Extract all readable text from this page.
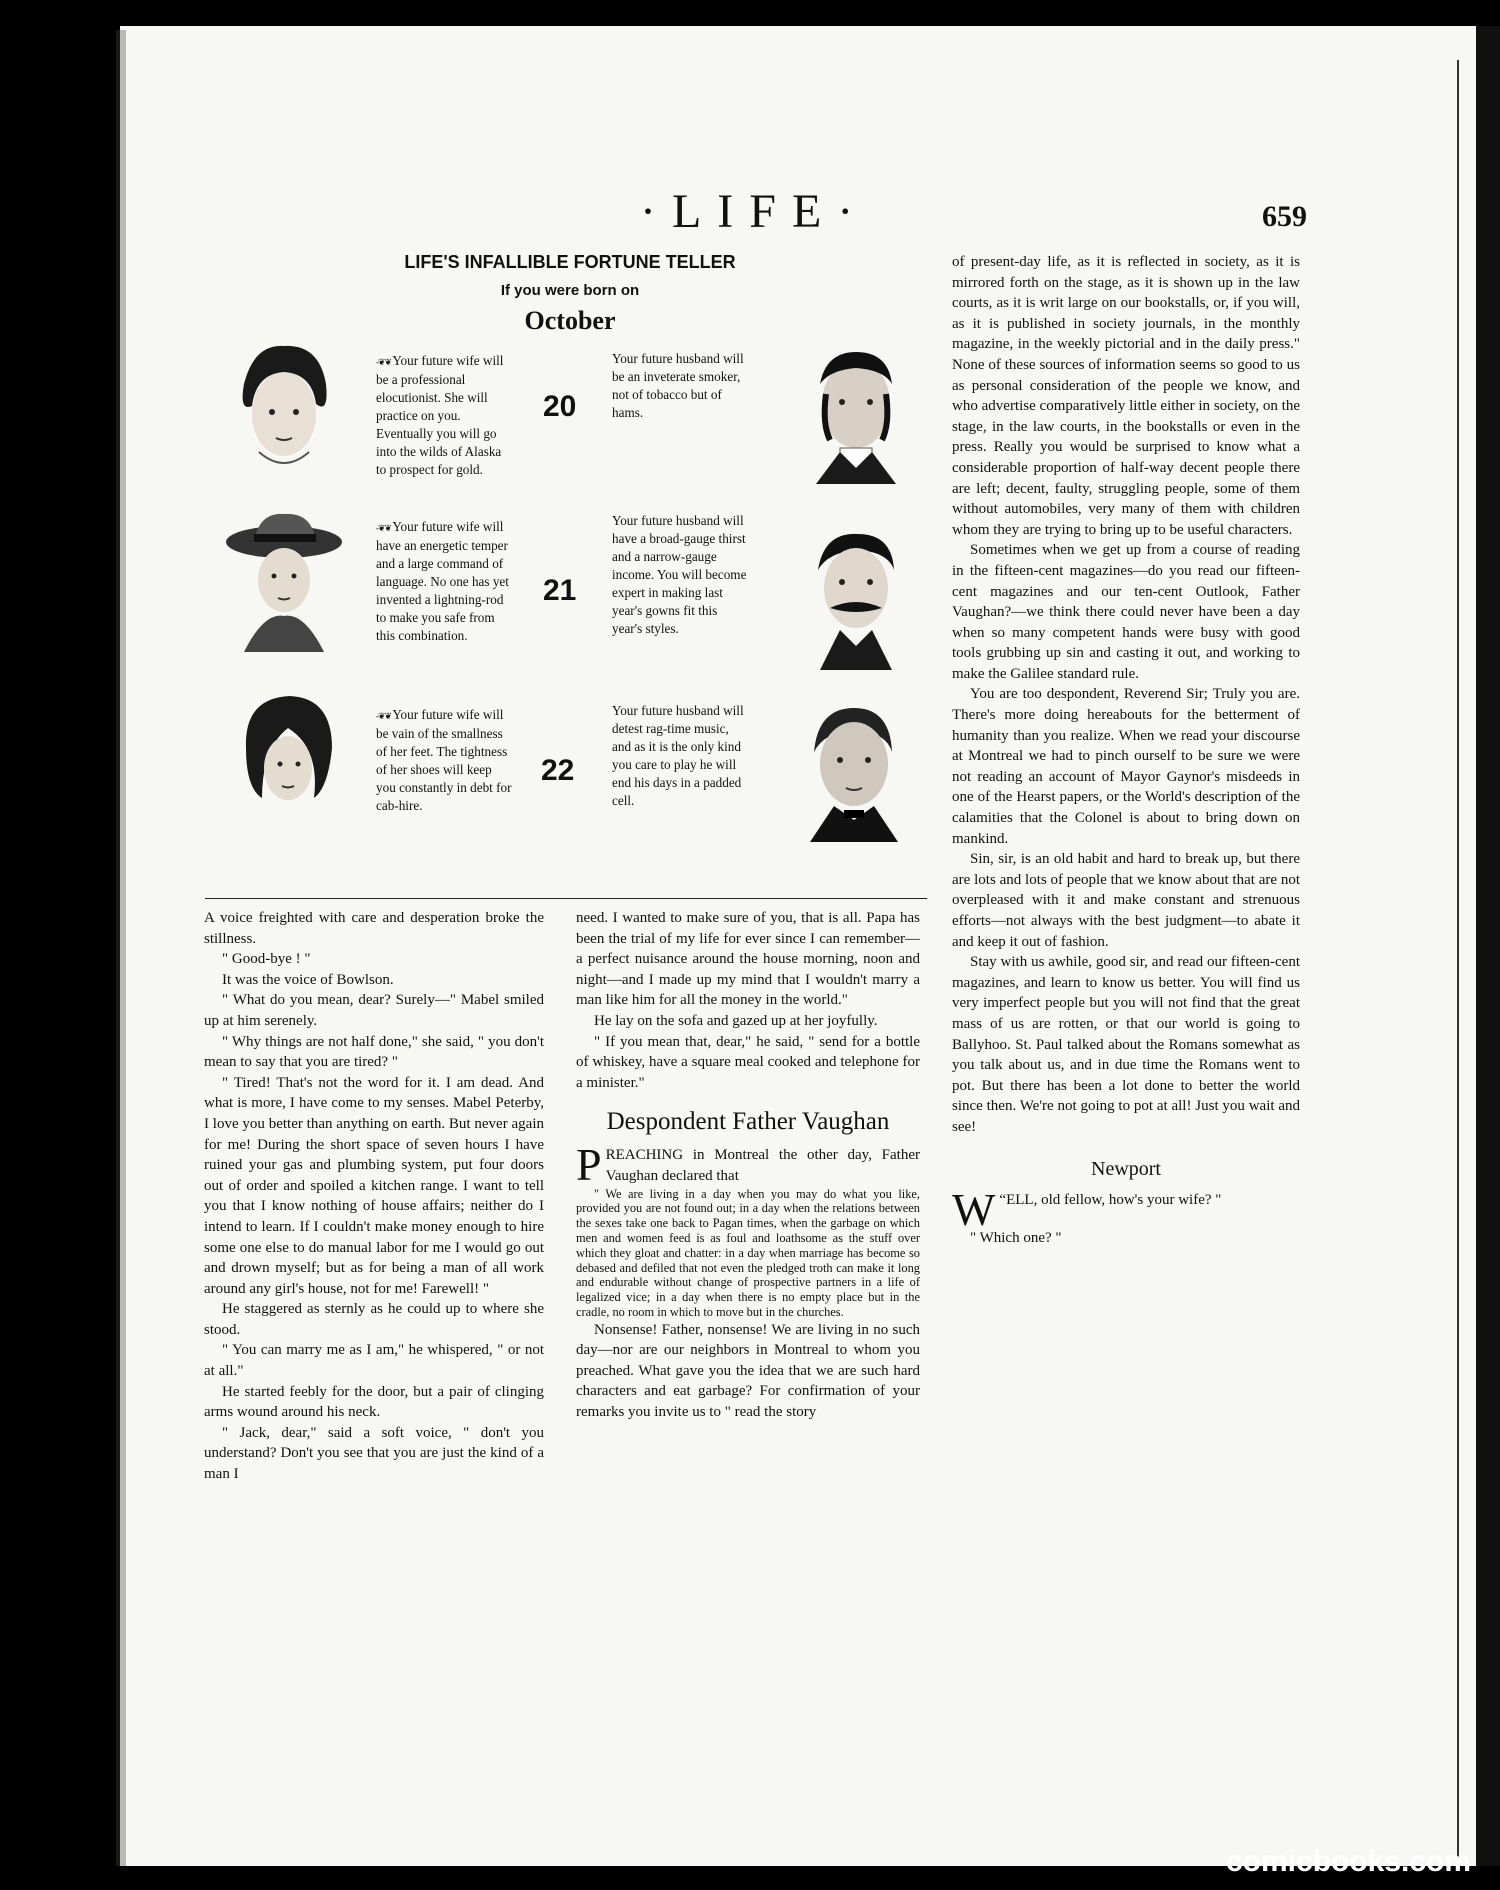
·LIFE·	659
LIFE'S INFALLIBLE FORTUNE TELLER
If you were born on
October
-❦❦ Your future wife will be a professional elocutionist. She will practice on you. Eventually you will go into the wilds of Alaska to prospect for gold.
20
Your future husband will be an inveterate smoker, not of tobacco but of hams.
-❦❦ Your future wife will have an energetic temper and a large command of language. No one has yet invented a lightning-rod to make you safe from this combination.
21
Your future husband will have a broad-gauge thirst and a narrow-gauge income. You will become expert in making last year's gowns fit this year's styles.
-❦❦ Your future wife will be vain of the smallness of her feet. The tightness of her shoes will keep you constantly in debt for cab-hire.
22
Your future husband will detest rag-time music, and as it is the only kind you care to play he will end his days in a padded cell.

A voice freighted with care and desperation broke the stillness.

" Good-bye ! "

It was the voice of Bowlson.

" What do you mean, dear? Surely—" Mabel smiled up at him serenely.

" Why things are not half done," she said, " you don't mean to say that you are tired? "

" Tired! That's not the word for it. I am dead. And what is more, I have come to my senses. Mabel Peterby, I love you better than anything on earth. But never again for me! During the short space of seven hours I have ruined your gas and plumbing system, put four doors out of order and spoiled a kitchen range. I want to tell you that I know nothing of house affairs; neither do I intend to learn. If I couldn't make money enough to hire some one else to do manual labor for me I would go out and drown myself; but as for being a man of all work around any girl's house, not for me! Farewell! "

He staggered as sternly as he could up to where she stood.

" You can marry me as I am," he whispered, " or not at all."

He started feebly for the door, but a pair of clinging arms wound around his neck.

" Jack, dear," said a soft voice, " don't you understand? Don't you see that you are just the kind of a man I

need. I wanted to make sure of you, that is all. Papa has been the trial of my life for ever since I can remember—a perfect nuisance around the house morning, noon and night—and I made up my mind that I wouldn't marry a man like him for all the money in the world."

He lay on the sofa and gazed up at her joyfully.

" If you mean that, dear," he said, " send for a bottle of whiskey, have a square meal cooked and telephone for a minister."

Despondent Father Vaughan

PREACHING in Montreal the other day, Father Vaughan declared that

" We are living in a day when you may do what you like, provided you are not found out; in a day when the relations between the sexes take one back to Pagan times, when the garbage on which men and women feed is as foul and loathsome as the stuff over which they gloat and chatter: in a day when marriage has become so debased and defiled that not even the pledged troth can make it long and endurable without change of prospective partners in a life of legalized vice; in a day when there is no empty place but in the cradle, no room in which to move but in the churches.

Nonsense! Father, nonsense! We are living in no such day—nor are our neighbors in Montreal to whom you preached. What gave you the idea that we are such hard characters and eat garbage? For confirmation of your remarks you invite us to " read the story

of present-day life, as it is reflected in society, as it is mirrored forth on the stage, as it is shown up in the law courts, as it is writ large on our bookstalls, or, if you will, as it is published in society journals, in the monthly magazine, in the weekly pictorial and in the daily press." None of these sources of information seems so good to us as personal consideration of the people we know, and who advertise comparatively little either in society, on the stage, in the law courts, in the bookstalls or even in the press. Really you would be surprised to know what a considerable proportion of half-way decent people there are left; decent, faulty, struggling people, some of them without automobiles, very many of them with children whom they are trying to bring up to be useful characters.

Sometimes when we get up from a course of reading in the fifteen-cent magazines—do you read our fifteen-cent magazines and our ten-cent Outlook, Father Vaughan?—we think there could never have been a day when so many competent hands were busy with good tools grubbing up sin and casting it out, and working to make the Galilee standard rule.

You are too despondent, Reverend Sir; Truly you are. There's more doing hereabouts for the betterment of humanity than you realize. When we read your discourse at Montreal we had to pinch ourself to be sure we were not reading an account of Mayor Gaynor's misdeeds in one of the Hearst papers, or the World's description of the calamities that the Colonel is about to bring down on mankind.

Sin, sir, is an old habit and hard to break up, but there are lots and lots of people that we know about that are not overpleased with it and make constant and strenuous efforts—not always with the best judgment—to abate it and keep it out of fashion.

Stay with us awhile, good sir, and read our fifteen-cent magazines, and learn to know us better. You will find us very imperfect people but you will not find that the great mass of us are rotten, or that our world is going to Ballyhoo. St. Paul talked about the Romans somewhat as you talk about us, and in due time the Romans went to pot. But there has been a lot done to better the world since then. We're not going to pot at all! Just you wait and see!

Newport

“
W ELL, old fellow, how's your wife? "

" Which one? "

comicbooks.com
